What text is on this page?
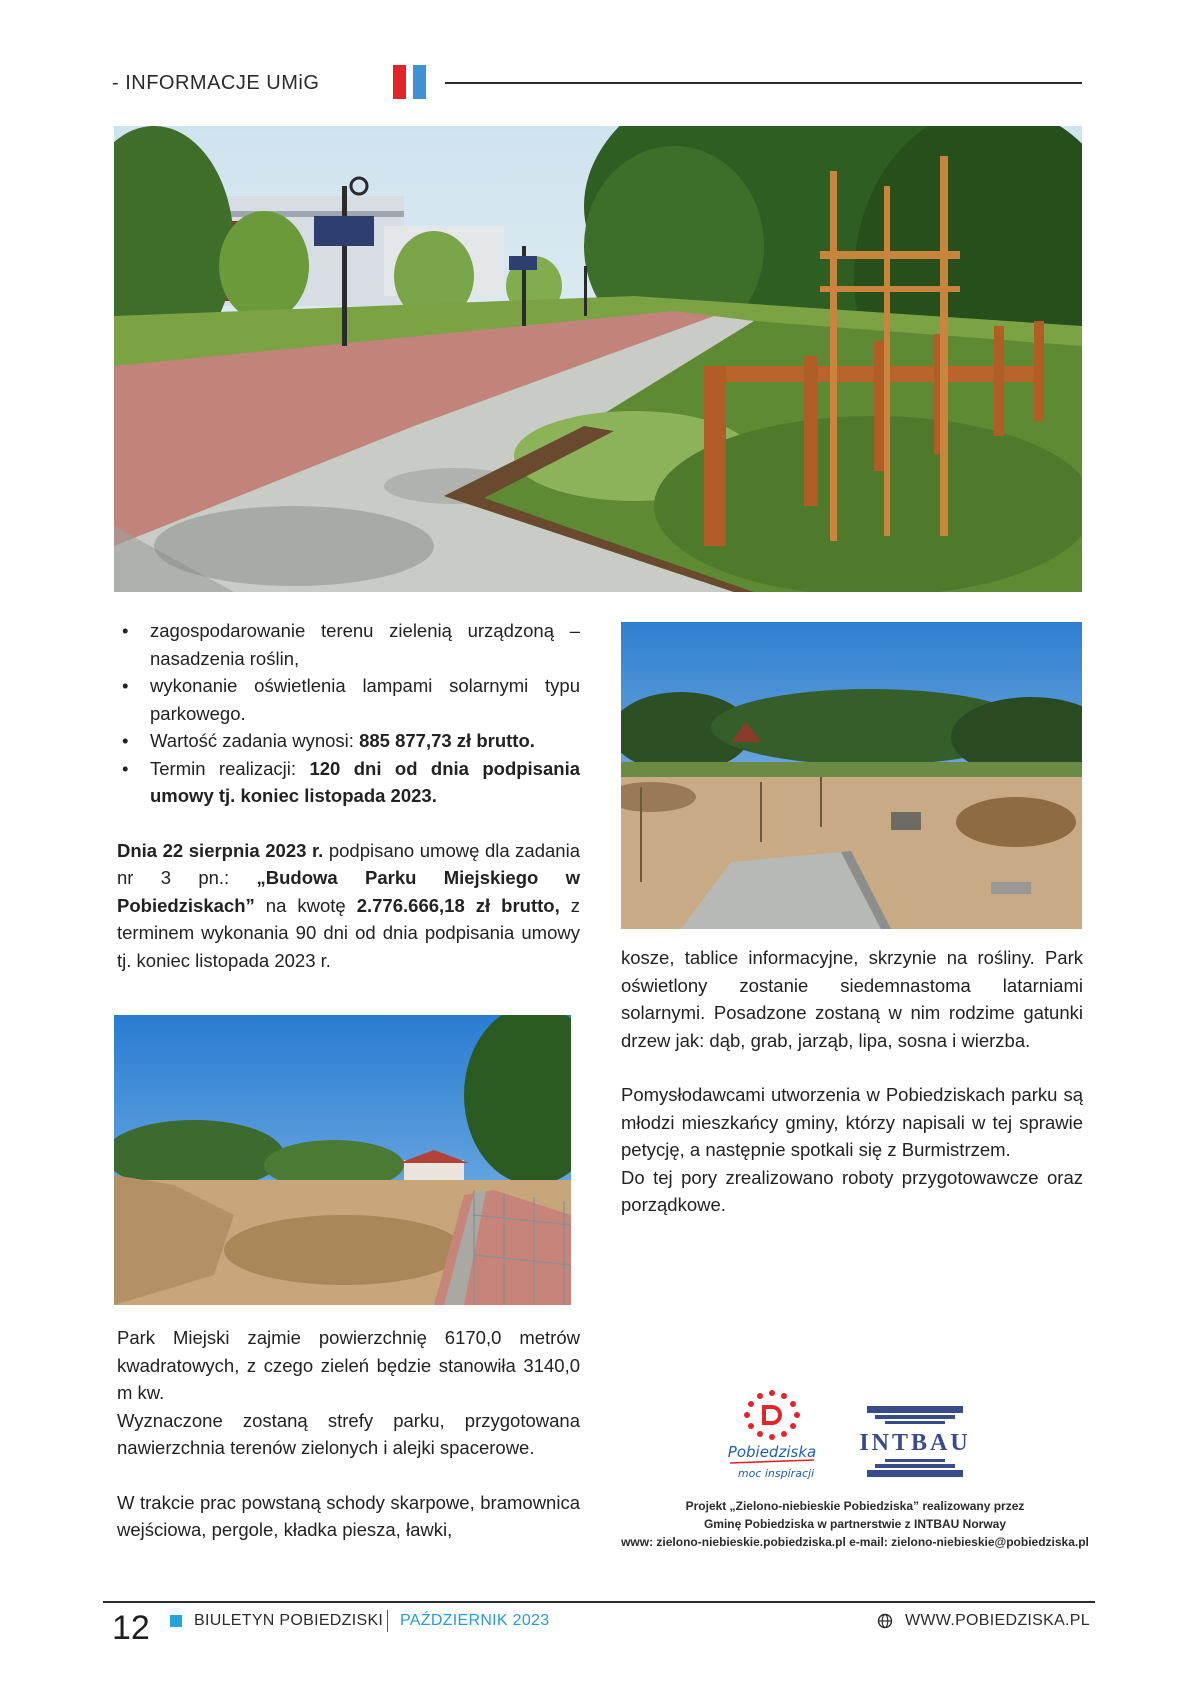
- INFORMACJE UMiG
• zagospodarowanie terenu zielenią urządzoną – nasadzenia roślin,
• wykonanie oświetlenia lampami solarnymi typu parkowego.
• Wartość zadania wynosi: 885 877,73 zł brutto.
• Termin realizacji: 120 dni od dnia podpisania umowy tj. koniec listopada 2023.

Dnia 22 sierpnia 2023 r. podpisano umowę dla zadania nr 3 pn.: „Budowa Parku Miejskiego w Pobiedziskach” na kwotę 2.776.666,18 zł brutto, z terminem wykonania 90 dni od dnia podpisania umowy tj. koniec listopada 2023 r.	kosze, tablice informacyjne, skrzynie na rośliny. Park oświetlony zostanie siedemnastoma latarniami solarnymi. Posadzone zostaną w nim rodzime gatunki drzew jak: dąb, grab, jarząb, lipa, sosna i wierzba.

Pomysłodawcami utworzenia w Pobiedziskach parku są młodzi mieszkańcy gminy, którzy napisali w tej sprawie petycję, a następnie spotkali się z Burmistrzem.

Do tej pory zrealizowano roboty przygotowawcze oraz porządkowe.

Park Miejski zajmie powierzchnię 6170,0 metrów kwadratowych, z czego zieleń będzie stanowiła 3140,0 m kw.

Wyznaczone zostaną strefy parku, przygotowana nawierzchnia terenów zielonych i alejki spacerowe.

W trakcie prac powstaną schody skarpowe, bramownica wejściowa, pergole, kładka piesza, ławki,

Pobiedziska
moc inspiracji
INTBAU
Projekt „Zielono-niebieskie Pobiedziska” realizowany przez
Gminę Pobiedziska w partnerstwie z INTBAU Norway
www: zielono-niebieskie.pobiedziska.pl e-mail: zielono-niebieskie@pobiedziska.pl
12	BIULETYN POBIEDZISKI PAŹDZIERNIK 2023	WWW.POBIEDZISKA.PL
